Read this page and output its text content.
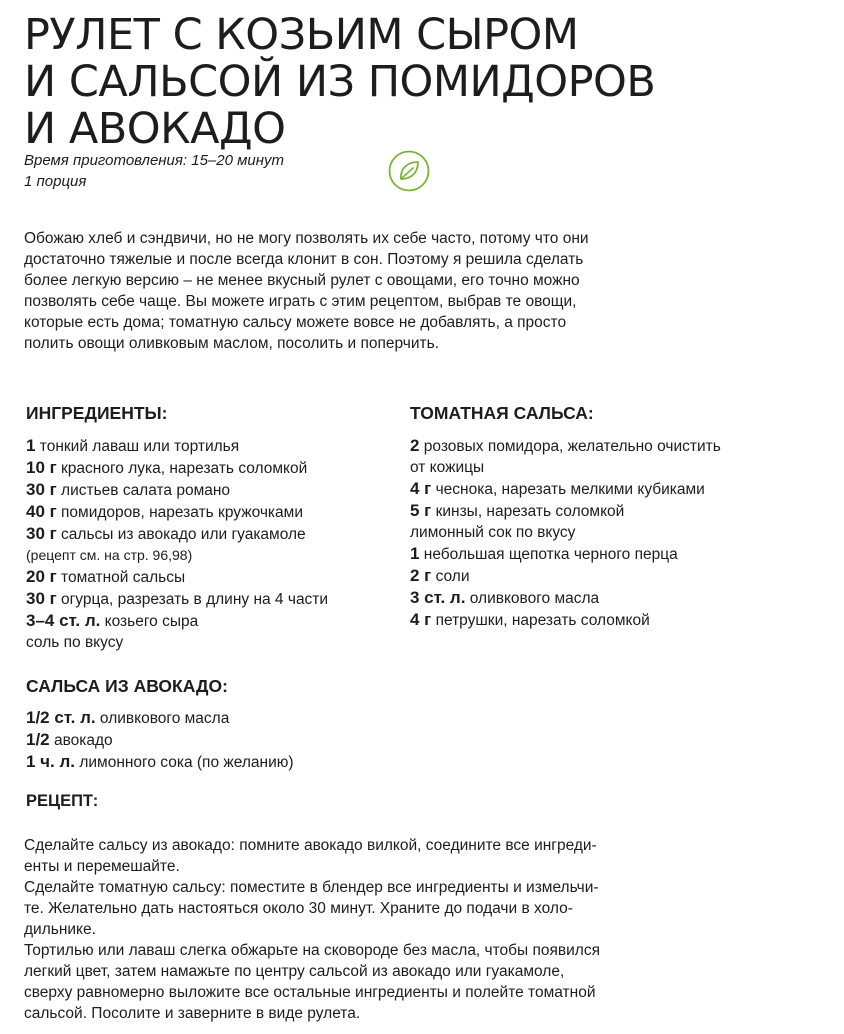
РУЛЕТ С КОЗЬИМ СЫРОМ
И САЛЬСОЙ ИЗ ПОМИДОРОВ
И АВОКАДО
Время приготовления: 15–20 минут
1 порция
Обожаю хлеб и сэндвичи, но не могу позволять их себе часто, потому что они
достаточно тяжелые и после всегда клонит в сон. Поэтому я решила сделать
более легкую версию – не менее вкусный рулет с овощами, его точно можно
позволять себе чаще. Вы можете играть с этим рецептом, выбрав те овощи,
которые есть дома; томатную сальсу можете вовсе не добавлять, а просто
полить овощи оливковым маслом, посолить и поперчить.
ИНГРЕДИЕНТЫ:
1 тонкий лаваш или тортилья
10 г красного лука, нарезать соломкой
30 г листьев салата романо
40 г помидоров, нарезать кружочками
30 г сальсы из авокадо или гуакамоле
(рецепт см. на стр. 96,98)
20 г томатной сальсы
30 г огурца, разрезать в длину на 4 части
3–4 ст. л. козьего сыра
соль по вкусу
ТОМАТНАЯ САЛЬСА:
2 розовых помидора, желательно очистить
от кожицы
4 г чеснока, нарезать мелкими кубиками
5 г кинзы, нарезать соломкой
лимонный сок по вкусу
1 небольшая щепотка черного перца
2 г соли
3 ст. л. оливкового масла
4 г петрушки, нарезать соломкой
САЛЬСА ИЗ АВОКАДО:
1/2 ст. л. оливкового масла
1/2 авокадо
1 ч. л. лимонного сока (по желанию)
РЕЦЕПТ:
Сделайте сальсу из авокадо: помните авокадо вилкой, соедините все ингреди-
енты и перемешайте.
Сделайте томатную сальсу: поместите в блендер все ингредиенты и измельчи-
те. Желательно дать настояться около 30 минут. Храните до подачи в холо-
дильнике.
Тортилью или лаваш слегка обжарьте на сковороде без масла, чтобы появился
легкий цвет, затем намажьте по центру сальсой из авокадо или гуакамоле,
сверху равномерно выложите все остальные ингредиенты и полейте томатной
сальсой. Посолите и заверните в виде рулета.
